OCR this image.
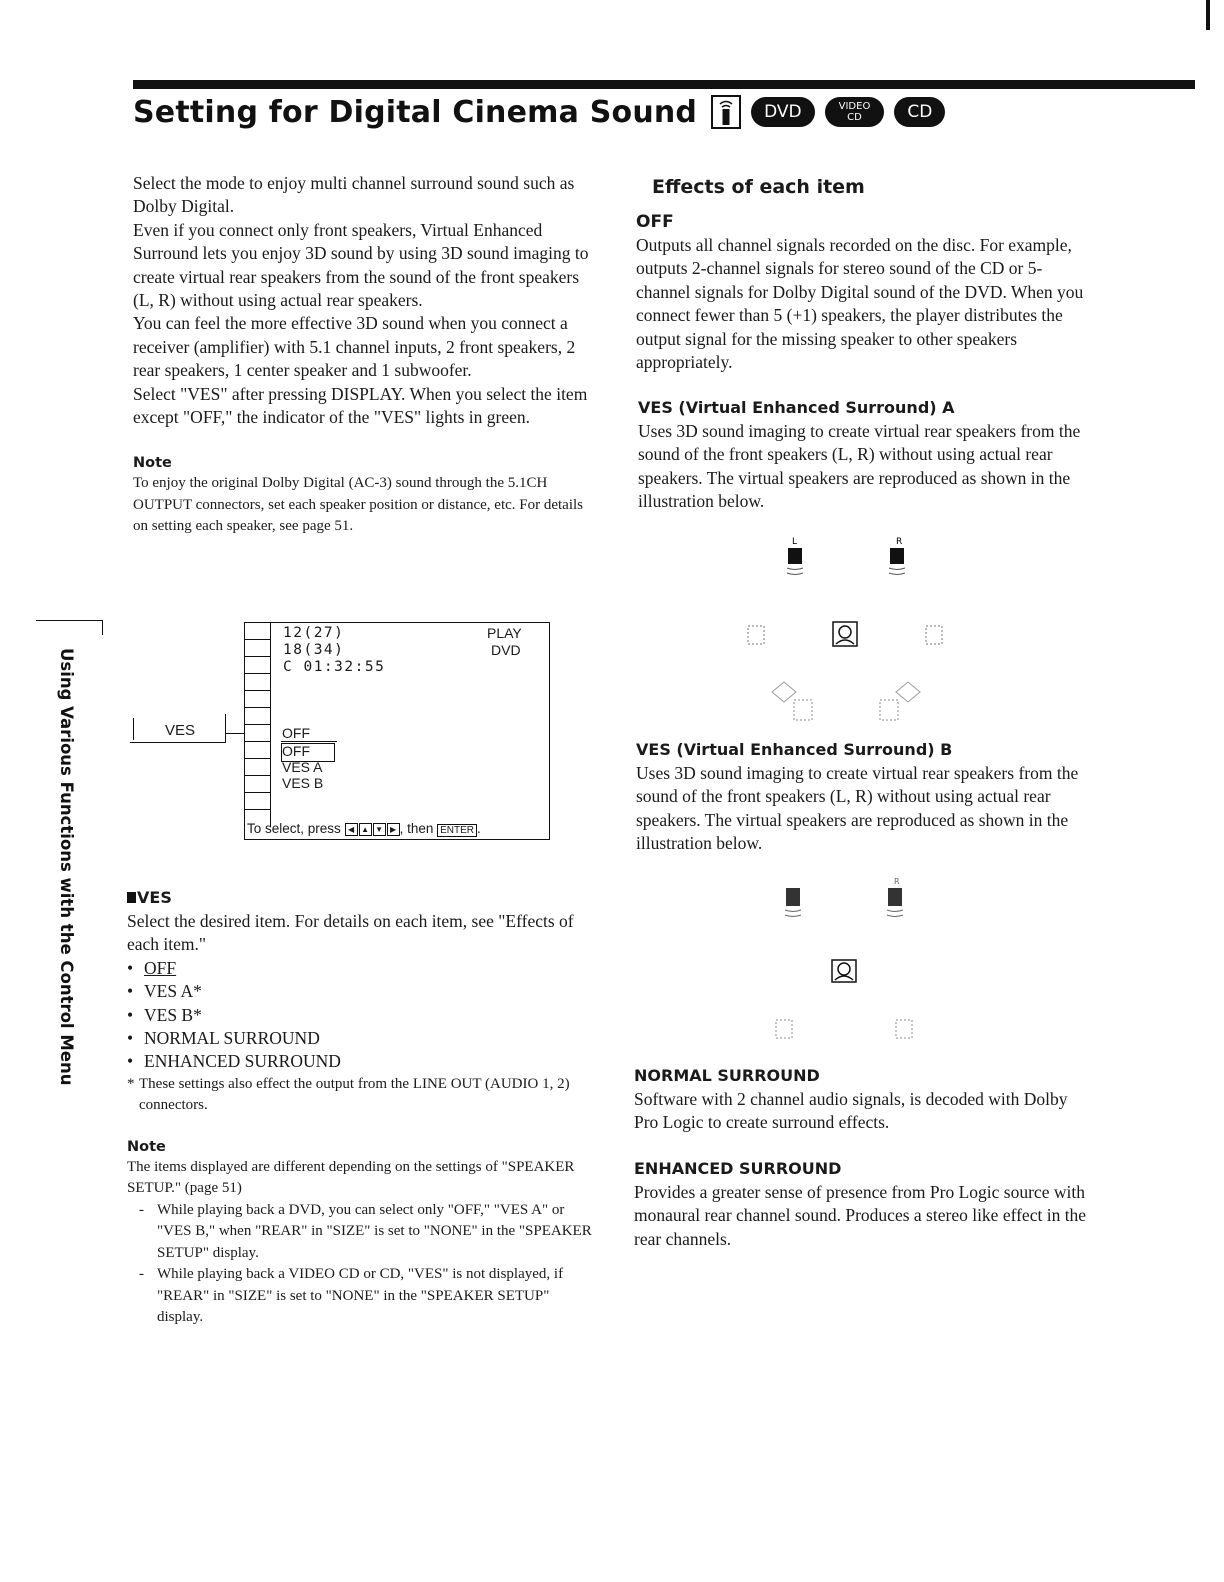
Setting for Digital Cinema Sound	DVD	VIDEO
CD	CD
Using Various Functions with the Control Menu

Select the mode to enjoy multi channel surround sound such as Dolby Digital.

Even if you connect only front speakers, Virtual Enhanced Surround lets you enjoy 3D sound by using 3D sound imaging to create virtual rear speakers from the sound of the front speakers (L, R) without using actual rear speakers.

You can feel the more effective 3D sound when you connect a receiver (amplifier) with 5.1 channel inputs, 2 front speakers, 2 rear speakers, 1 center speaker and 1 subwoofer.

Select "VES" after pressing DISPLAY. When you select the item except "OFF," the indicator of the "VES" lights in green.

Note

To enjoy the original Dolby Digital (AC-3) sound through the 5.1CH OUTPUT connectors, set each speaker position or distance, etc. For details on setting each speaker, see page 51.

VES
12(27)
18(34)
C 01:32:55
PLAY
DVD
OFF
OFF
VES A
VES B
To select, press ◀ ▲ ▼ ▶ , then ENTER .

VES

Select the desired item. For details on each item, see "Effects of each item."

• OFF
• VES A*
• VES B*
• NORMAL SURROUND
• ENHANCED SURROUND

* These settings also effect the output from the LINE OUT (AUDIO 1, 2) connectors.

Note

The items displayed are different depending on the settings of "SPEAKER SETUP." (page 51)

- While playing back a DVD, you can select only "OFF," "VES A" or "VES B," when "REAR" in "SIZE" is set to "NONE" in the "SPEAKER SETUP" display.
- While playing back a VIDEO CD or CD, "VES" is not displayed, if "REAR" in "SIZE" is set to "NONE" in the "SPEAKER SETUP" display.

Effects of each item

OFF

Outputs all channel signals recorded on the disc. For example, outputs 2-channel signals for stereo sound of the CD or 5-channel signals for Dolby Digital sound of the DVD. When you connect fewer than 5 (+1) speakers, the player distributes the output signal for the missing speaker to other speakers appropriately.

VES (Virtual Enhanced Surround) A

Uses 3D sound imaging to create virtual rear speakers from the sound of the front speakers (L, R) without using actual rear speakers. The virtual speakers are reproduced as shown in the illustration below.

L	R

VES (Virtual Enhanced Surround) B

Uses 3D sound imaging to create virtual rear speakers from the sound of the front speakers (L, R) without using actual rear speakers. The virtual speakers are reproduced as shown in the illustration below.

R

NORMAL SURROUND

Software with 2 channel audio signals, is decoded with Dolby Pro Logic to create surround effects.

ENHANCED SURROUND

Provides a greater sense of presence from Pro Logic source with monaural rear channel sound. Produces a stereo like effect in the rear channels.
